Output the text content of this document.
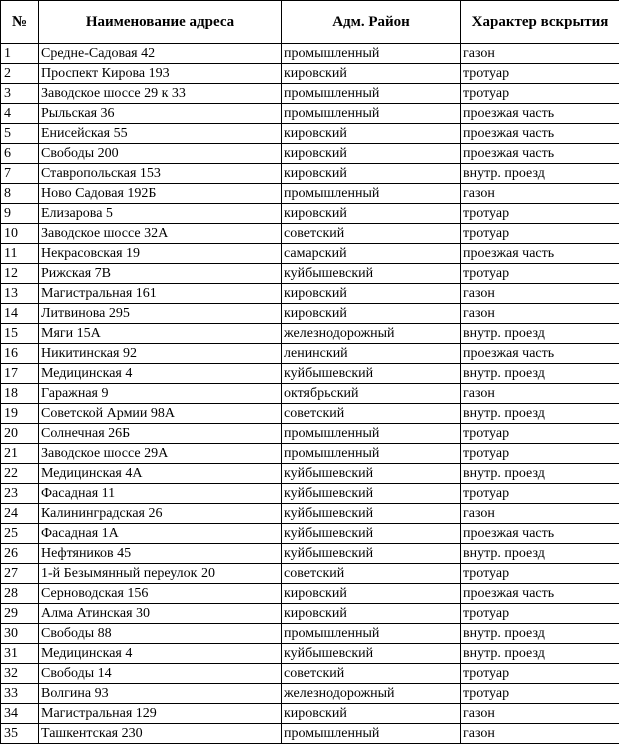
№	Наименование адреса	Адм. Район	Характер вскрытия
1	Средне-Садовая 42	промышленный	газон
2	Проспект Кирова 193	кировский	тротуар
3	Заводское шоссе 29 к 33	промышленный	тротуар
4	Рыльская 36	промышленный	проезжая часть
5	Енисейская 55	кировский	проезжая часть
6	Свободы 200	кировский	проезжая часть
7	Ставропольская 153	кировский	внутр. проезд
8	Ново Садовая 192Б	промышленный	газон
9	Елизарова 5	кировский	тротуар
10	Заводское шоссе 32А	советский	тротуар
11	Некрасовская 19	самарский	проезжая часть
12	Рижская 7В	куйбышевский	тротуар
13	Магистральная 161	кировский	газон
14	Литвинова 295	кировский	газон
15	Мяги 15А	железнодорожный	внутр. проезд
16	Никитинская 92	ленинский	проезжая часть
17	Медицинская 4	куйбышевский	внутр. проезд
18	Гаражная 9	октябрьский	газон
19	Советской Армии 98А	советский	внутр. проезд
20	Солнечная 26Б	промышленный	тротуар
21	Заводское шоссе 29А	промышленный	тротуар
22	Медицинская 4А	куйбышевский	внутр. проезд
23	Фасадная 11	куйбышевский	тротуар
24	Калининградская 26	куйбышевский	газон
25	Фасадная 1А	куйбышевский	проезжая часть
26	Нефтяников 45	куйбышевский	внутр. проезд
27	1-й Безымянный переулок 20	советский	тротуар
28	Серноводская 156	кировский	проезжая часть
29	Алма Атинская 30	кировский	тротуар
30	Свободы 88	промышленный	внутр. проезд
31	Медицинская 4	куйбышевский	внутр. проезд
32	Свободы 14	советский	тротуар
33	Волгина 93	железнодорожный	тротуар
34	Магистральная 129	кировский	газон
35	Ташкентская 230	промышленный	газон
